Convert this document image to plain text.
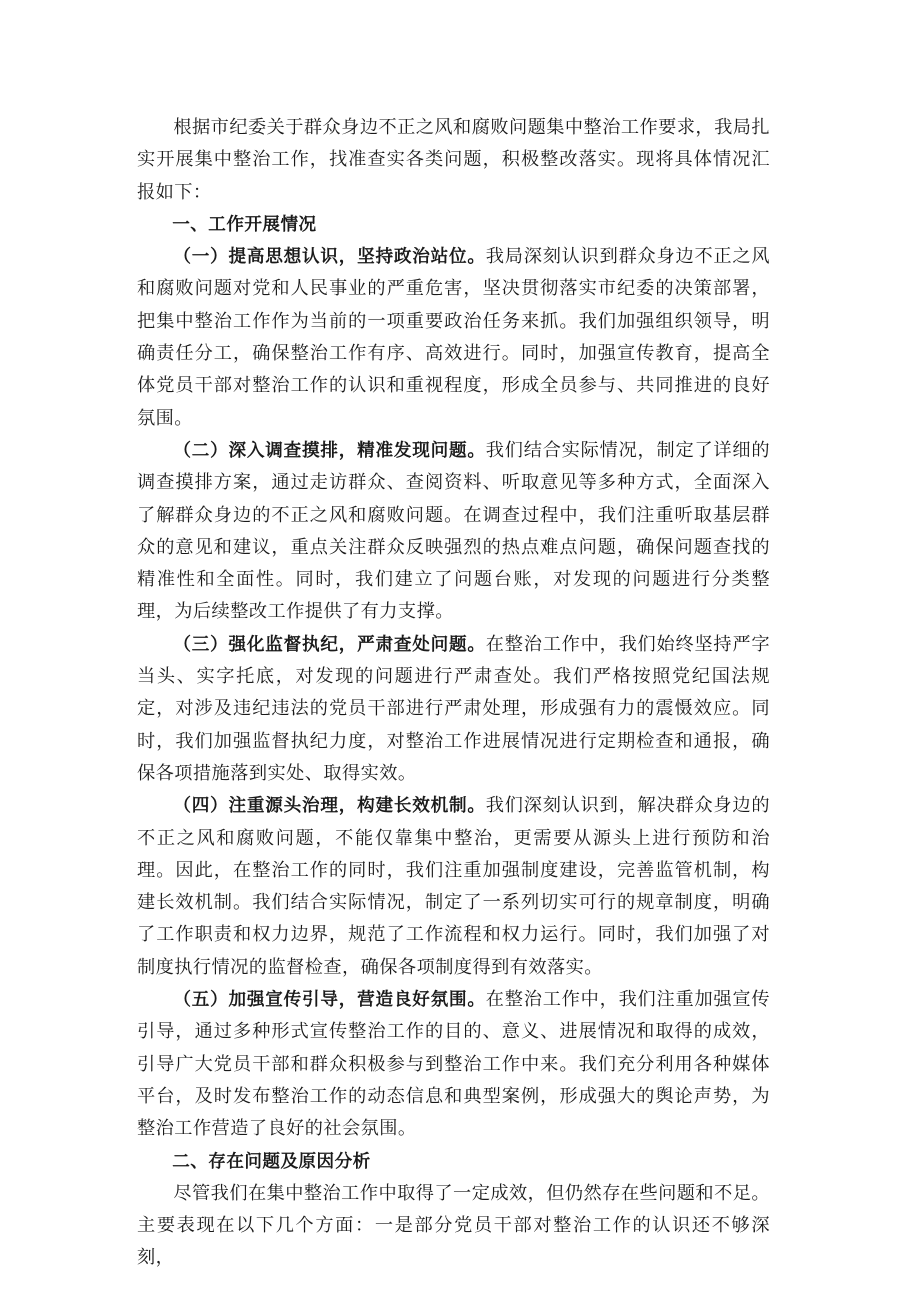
根据市纪委关于群众身边不正之风和腐败问题集中整治工作要求，我局扎实开展集中整治工作，找准查实各类问题，积极整改落实。现将具体情况汇报如下：

一、工作开展情况

（一）提高思想认识，坚持政治站位。我局深刻认识到群众身边不正之风和腐败问题对党和人民事业的严重危害，坚决贯彻落实市纪委的决策部署，把集中整治工作作为当前的一项重要政治任务来抓。我们加强组织领导，明确责任分工，确保整治工作有序、高效进行。同时，加强宣传教育，提高全体党员干部对整治工作的认识和重视程度，形成全员参与、共同推进的良好氛围。

（二）深入调查摸排，精准发现问题。我们结合实际情况，制定了详细的调查摸排方案，通过走访群众、查阅资料、听取意见等多种方式，全面深入了解群众身边的不正之风和腐败问题。在调查过程中，我们注重听取基层群众的意见和建议，重点关注群众反映强烈的热点难点问题，确保问题查找的精准性和全面性。同时，我们建立了问题台账，对发现的问题进行分类整理，为后续整改工作提供了有力支撑。

（三）强化监督执纪，严肃查处问题。在整治工作中，我们始终坚持严字当头、实字托底，对发现的问题进行严肃查处。我们严格按照党纪国法规定，对涉及违纪违法的党员干部进行严肃处理，形成强有力的震慑效应。同时，我们加强监督执纪力度，对整治工作进展情况进行定期检查和通报，确保各项措施落到实处、取得实效。

（四）注重源头治理，构建长效机制。我们深刻认识到，解决群众身边的不正之风和腐败问题，不能仅靠集中整治，更需要从源头上进行预防和治理。因此，在整治工作的同时，我们注重加强制度建设，完善监管机制，构建长效机制。我们结合实际情况，制定了一系列切实可行的规章制度，明确了工作职责和权力边界，规范了工作流程和权力运行。同时，我们加强了对制度执行情况的监督检查，确保各项制度得到有效落实。

（五）加强宣传引导，营造良好氛围。在整治工作中，我们注重加强宣传引导，通过多种形式宣传整治工作的目的、意义、进展情况和取得的成效，引导广大党员干部和群众积极参与到整治工作中来。我们充分利用各种媒体平台，及时发布整治工作的动态信息和典型案例，形成强大的舆论声势，为整治工作营造了良好的社会氛围。

二、存在问题及原因分析

尽管我们在集中整治工作中取得了一定成效，但仍然存在些问题和不足。主要表现在以下几个方面：一是部分党员干部对整治工作的认识还不够深刻，
